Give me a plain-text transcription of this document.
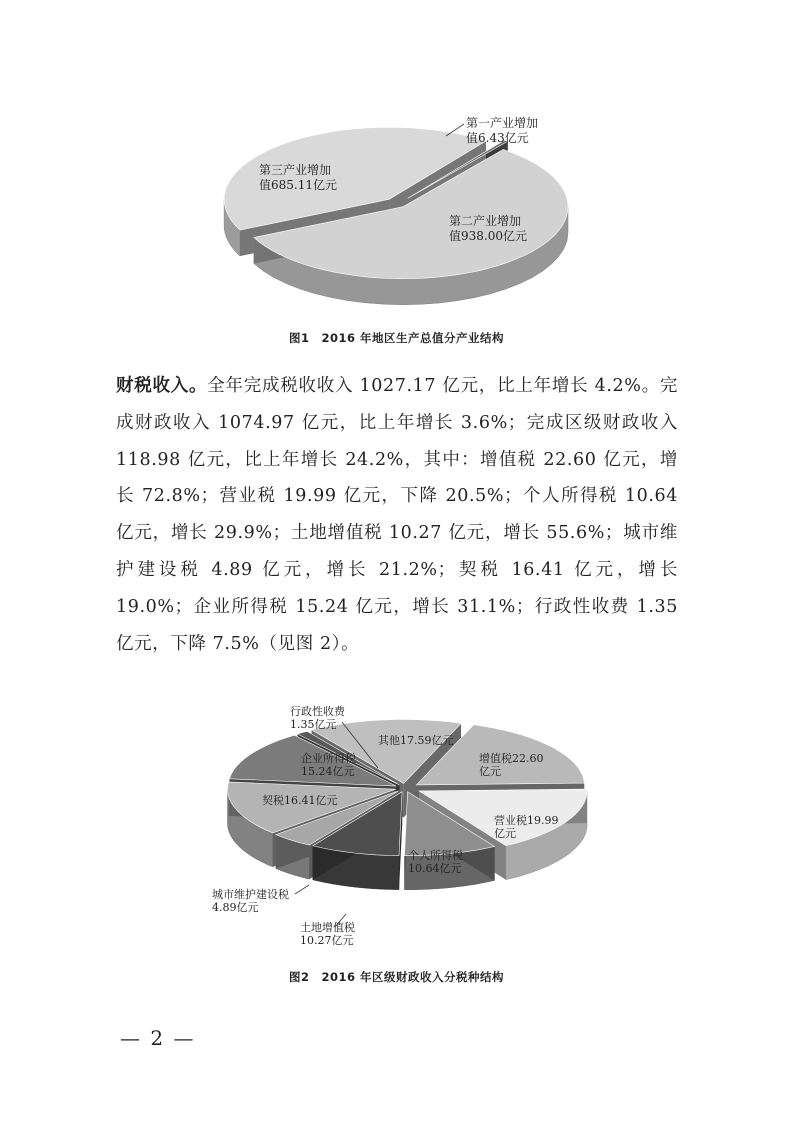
第一产业增加
值6.43亿元
第二产业增加
值938.00亿元
第三产业增加
值685.11亿元
图1　2016 年地区生产总值分产业结构
财税收入。全年完成税收收入 1027.17 亿元，比上年增长 4.2%。完成财政收入 1074.97 亿元，比上年增长 3.6%；完成区级财政收入 118.98 亿元，比上年增长 24.2%，其中：增值税 22.60 亿元，增长 72.8%；营业税 19.99 亿元，下降 20.5%；个人所得税 10.64 亿元，增长 29.9%；土地增值税 10.27 亿元，增长 55.6%；城市维护建设税 4.89 亿元，增长 21.2%；契税 16.41 亿元，增长 19.0%；企业所得税 15.24 亿元，增长 31.1%；行政性收费 1.35 亿元，下降 7.5%（见图 2）。
增值税22.60
亿元
营业税19.99
亿元
个人所得税
10.64亿元
土地增值税
10.27亿元
城市维护建设税
4.89亿元
契税16.41亿元
企业所得税
15.24亿元
行政性收费
1.35亿元
其他17.59亿元
图2　2016 年区级财政收入分税种结构
— 2 —
